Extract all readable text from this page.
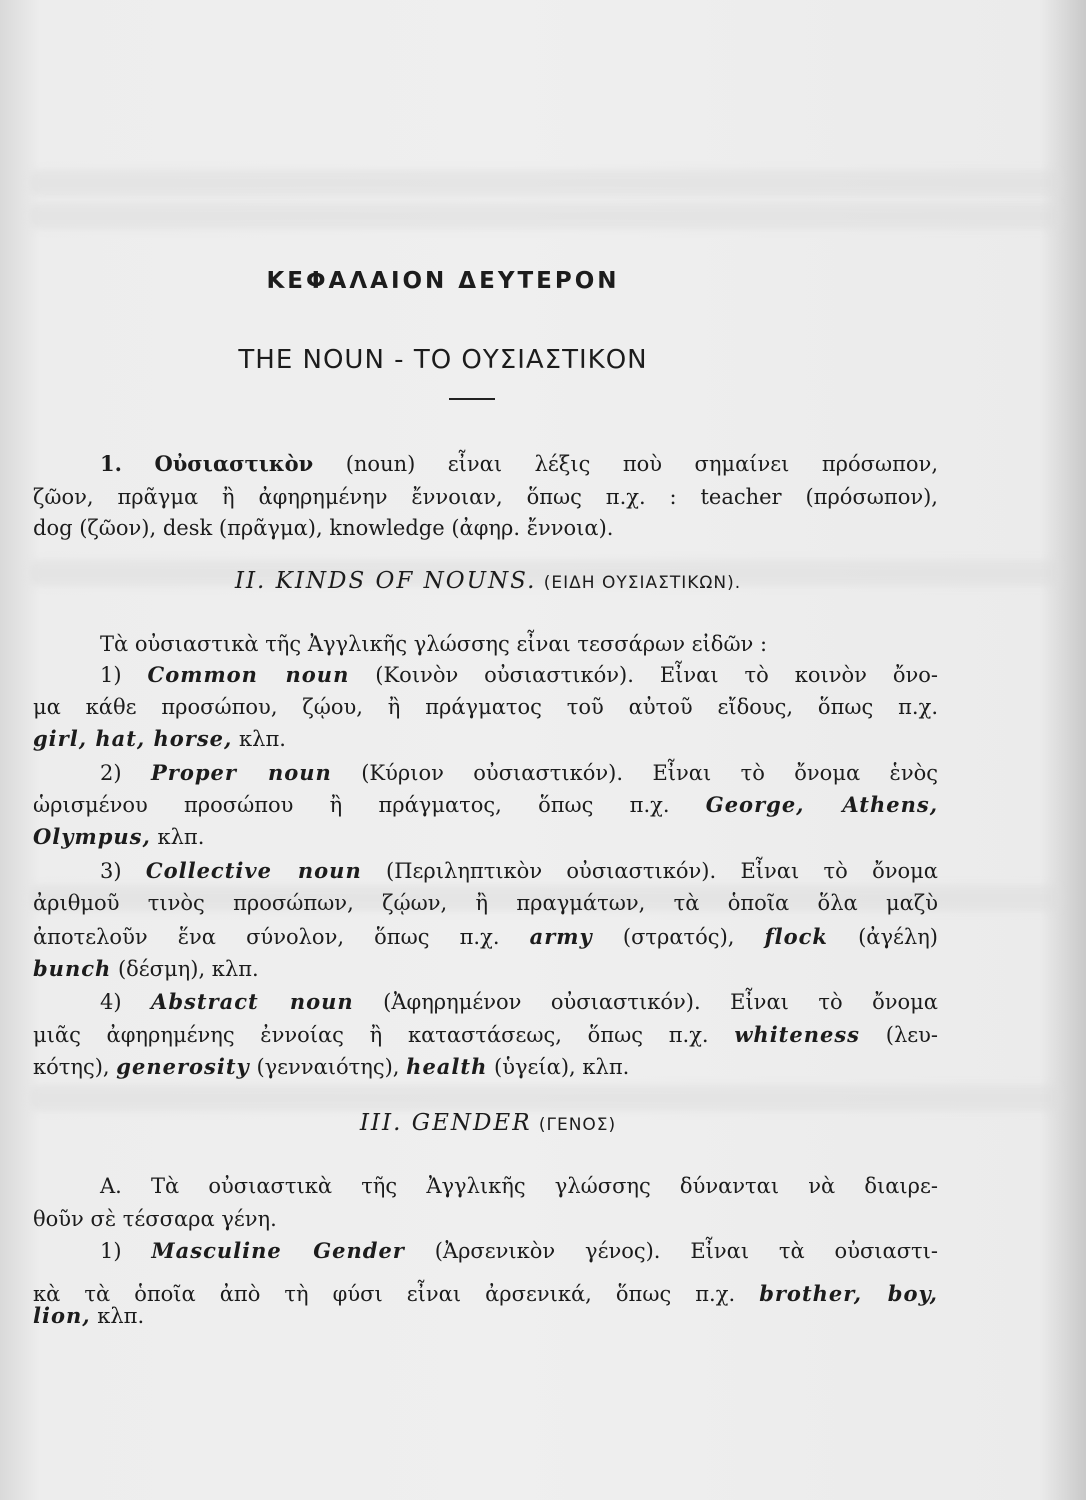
ΚΕΦΑΛΑΙΟΝ ΔΕΥΤΕΡΟΝ
THE NOUN - ΤΟ ΟΥΣΙΑΣΤΙΚΟΝ
1. Οὐσιαστικὸν (noun) εἶναι λέξις ποὺ σημαίνει πρόσωπον,
ζῶον, πρᾶγμα ἢ ἀφηρημένην ἔννοιαν, ὅπως π.χ. : teacher (πρόσωπον),
dog (ζῶον), desk (πρᾶγμα), knowledge (ἀφηρ. ἔννοια).
II. KINDS OF NOUNS. (ΕΙΔΗ ΟΥΣΙΑΣΤΙΚΩΝ).
Τὰ οὐσιαστικὰ τῆς Ἀγγλικῆς γλώσσης εἶναι τεσσάρων εἰδῶν :
1) Common noun (Κοινὸν οὐσιαστικόν). Εἶναι τὸ κοινὸν ὄνο-
μα κάθε προσώπου, ζῴου, ἢ πράγματος τοῦ αὐτοῦ εἴδους, ὅπως π.χ.
girl, hat, horse, κλπ.
2) Proper noun (Κύριον οὐσιαστικόν). Εἶναι τὸ ὄνομα ἑνὸς
ὡρισμένου προσώπου ἢ πράγματος, ὅπως π.χ. George, Athens,
Olympus, κλπ.
3) Collective noun (Περιληπτικὸν οὐσιαστικόν). Εἶναι τὸ ὄνομα
ἀριθμοῦ τινὸς προσώπων, ζῴων, ἢ πραγμάτων, τὰ ὁποῖα ὅλα μαζὺ
ἀποτελοῦν ἕνα σύνολον, ὅπως π.χ. army (στρατός), flock (ἀγέλη)
bunch (δέσμη), κλπ.
4) Abstract noun (Ἀφηρημένον οὐσιαστικόν). Εἶναι τὸ ὄνομα
μιᾶς ἀφηρημένης ἐννοίας ἢ καταστάσεως, ὅπως π.χ. whiteness (λευ-
κότης), generosity (γενναιότης), health (ὑγεία), κλπ.
III. GENDER (ΓΕΝΟΣ)
Α. Τὰ οὐσιαστικὰ τῆς Ἀγγλικῆς γλώσσης δύνανται νὰ διαιρε-
θοῦν σὲ τέσσαρα γένη.
1) Masculine Gender (Ἀρσενικὸν γένος). Εἶναι τὰ οὐσιαστι-
κὰ τὰ ὁποῖα ἀπὸ τὴ φύσι εἶναι ἀρσενικά, ὅπως π.χ. brother, boy,
lion, κλπ.
